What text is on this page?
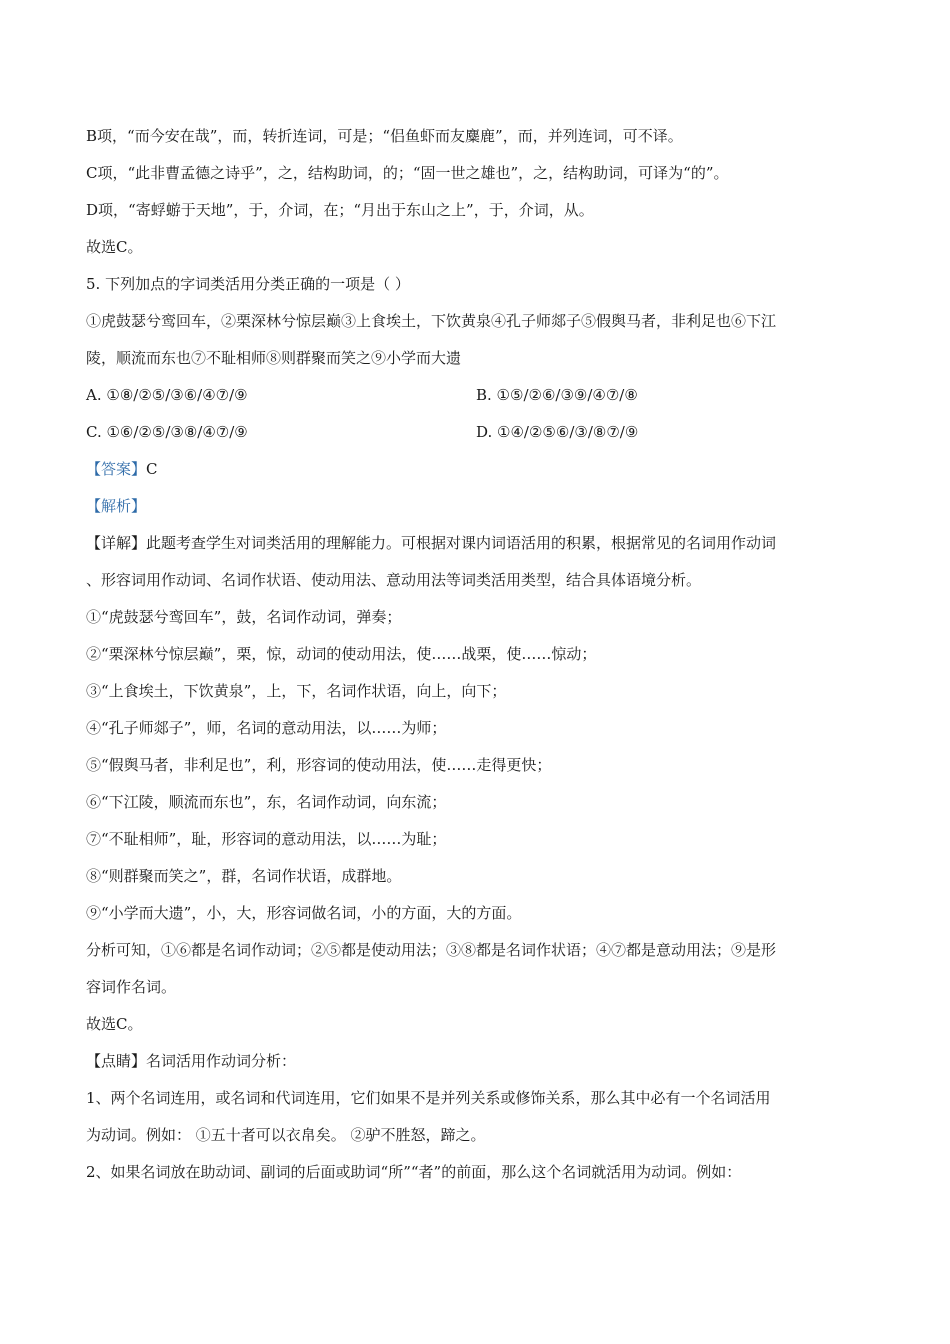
B项，“而今安在哉”，而，转折连词，可是；“侣鱼虾而友麋鹿”，而，并列连词，可不译。
C项，“此非曹孟德之诗乎”，之，结构助词，的；“固一世之雄也”，之，结构助词，可译为“的”。
D项，“寄蜉蝣于天地”，于，介词，在；“月出于东山之上”，于，介词，从。
故选C。
5. 下列加点的字词类活用分类正确的一项是（ ）
①虎鼓瑟兮鸾回车，②栗深林兮惊层巅③上食埃土，下饮黄泉④孔子师郯子⑤假舆马者，非利足也⑥下江
陵，顺流而东也⑦不耻相师⑧则群聚而笑之⑨小学而大遗
A. ①⑧/②⑤/③⑥/④⑦/⑨	B. ①⑤/②⑥/③⑨/④⑦/⑧
C. ①⑥/②⑤/③⑧/④⑦/⑨	D. ①④/②⑤⑥/③/⑧⑦/⑨
【答案】C
【解析】
【详解】此题考查学生对词类活用的理解能力。可根据对课内词语活用的积累，根据常见的名词用作动词
、形容词用作动词、名词作状语、使动用法、意动用法等词类活用类型，结合具体语境分析。
①“虎鼓瑟兮鸾回车”，鼓，名词作动词，弹奏；
②“栗深林兮惊层巅”，栗，惊，动词的使动用法，使……战栗，使……惊动；
③“上食埃土，下饮黄泉”，上，下，名词作状语，向上，向下；
④“孔子师郯子”，师，名词的意动用法，以……为师；
⑤“假舆马者，非利足也”，利，形容词的使动用法，使……走得更快；
⑥“下江陵，顺流而东也”，东，名词作动词，向东流；
⑦“不耻相师”，耻，形容词的意动用法，以……为耻；
⑧“则群聚而笑之”，群，名词作状语，成群地。
⑨“小学而大遗”，小，大，形容词做名词，小的方面，大的方面。
分析可知，①⑥都是名词作动词；②⑤都是使动用法；③⑧都是名词作状语；④⑦都是意动用法；⑨是形
容词作名词。
故选C。
【点睛】名词活用作动词分析：
1、两个名词连用，或名词和代词连用，它们如果不是并列关系或修饰关系，那么其中必有一个名词活用
为动词。例如： ①五十者可以衣帛矣。 ②驴不胜怒，蹄之。
2、如果名词放在助动词、副词的后面或助词“所”“者”的前面，那么这个名词就活用为动词。例如：
